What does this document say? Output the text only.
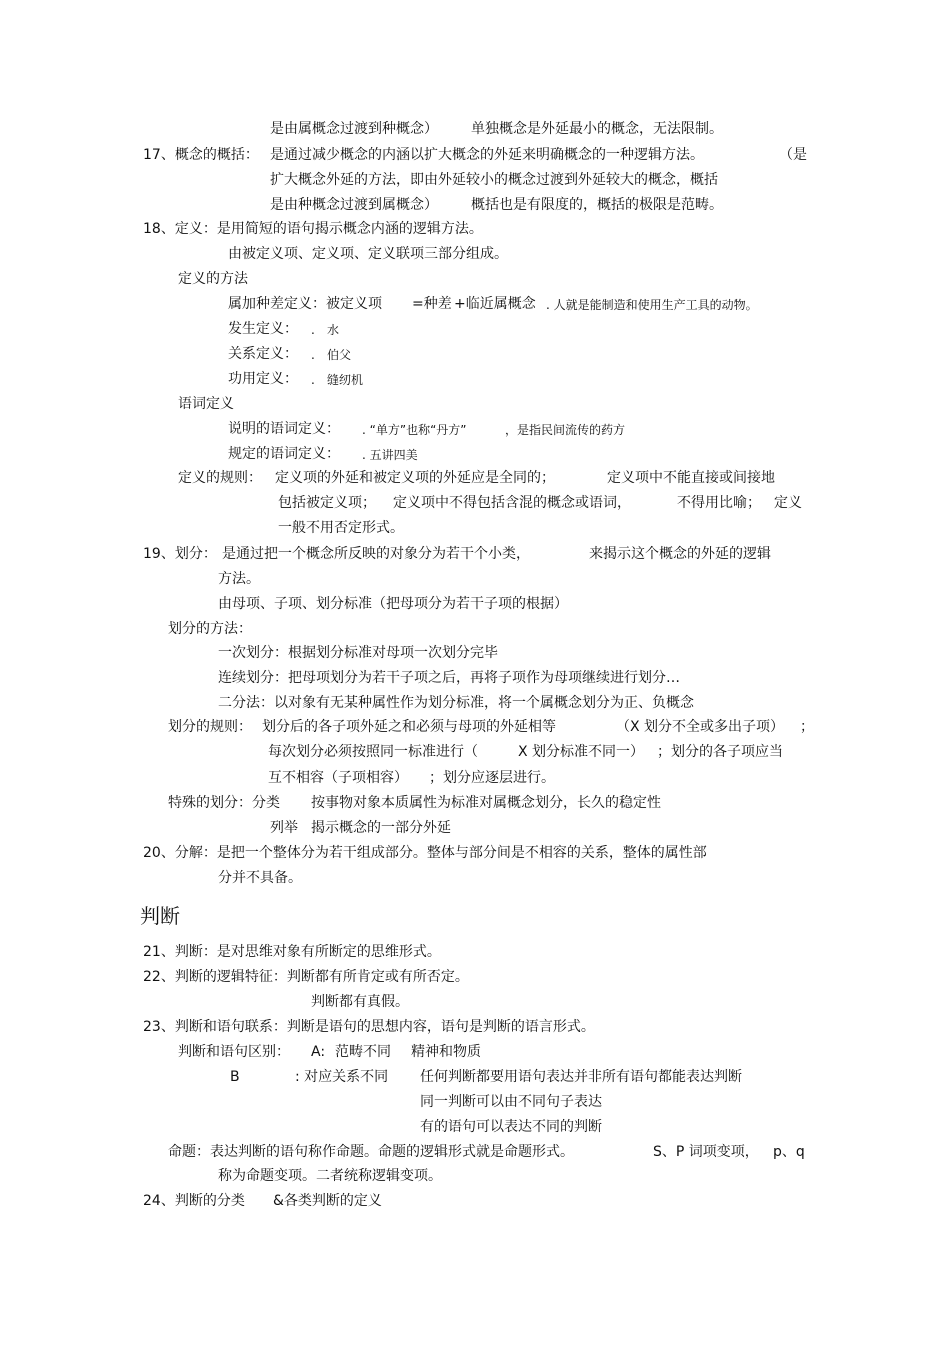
是由属概念过渡到种概念） 单独概念是外延最小的概念，无法限制。
17、概念的概括： 是通过减少概念的内涵以扩大概念的外延来明确概念的一种逻辑方法。	（是
扩大概念外延的方法，即由外延较小的概念过渡到外延较大的概念，概括
是由种概念过渡到属概念） 概括也是有限度的，概括的极限是范畴。
18、定义：是用简短的语句揭示概念内涵的逻辑方法。
由被定义项、定义项、定义联项三部分组成。
定义的方法
属加种差定义：被定义项 =种差 +临近属概念 . 人就是能制造和使用生产工具的动物。
发生定义： . 水
关系定义： . 伯父
功用定义： . 缝纫机
语词定义
说明的语词定义： . “单方”也称“丹方”	，是指民间流传的药方
规定的语词定义： . 五讲四美
定义的规则： 定义项的外延和被定义项的外延应是全同的；	定义项中不能直接或间接地
包括被定义项； 定义项中不得包括含混的概念或语词，	不得用比喻； 定义
一般不用否定形式。
19、划分： 是通过把一个概念所反映的对象分为若干个小类，	来揭示这个概念的外延的逻辑
方法。
由母项、子项、划分标准（把母项分为若干子项的根据）
划分的方法：
一次划分：根据划分标准对母项一次划分完毕
连续划分：把母项划分为若干子项之后，再将子项作为母项继续进行划分…
二分法：以对象有无某种属性作为划分标准，将一个属概念划分为正、负概念
划分的规则： 划分后的各子项外延之和必须与母项的外延相等	（X 划分不全或多出子项） ；
每次划分必须按照同一标准进行（	X 划分标准不同一） ；划分的各子项应当
互不相容（子项相容） ；划分应逐层进行。
特殊的划分：分类 按事物对象本质属性为标准对属概念划分，长久的稳定性
列举 揭示概念的一部分外延
20、分解：是把一个整体分为若干组成部分。整体与部分间是不相容的关系，整体的属性部
分并不具备。
判断
21、判断：是对思维对象有所断定的思维形式。
22、判断的逻辑特征：判断都有所肯定或有所否定。
判断都有真假。
23、判断和语句联系：判断是语句的思想内容，语句是判断的语言形式。
判断和语句区别： A: 范畴不同 精神和物质
B	: 对应关系不同 任何判断都要用语句表达并非所有语句都能表达判断
同一判断可以由不同句子表达
有的语句可以表达不同的判断
命题：表达判断的语句称作命题。命题的逻辑形式就是命题形式。	S、P 词项变项， p、q
称为命题变项。二者统称逻辑变项。
24、判断的分类 &各类判断的定义
